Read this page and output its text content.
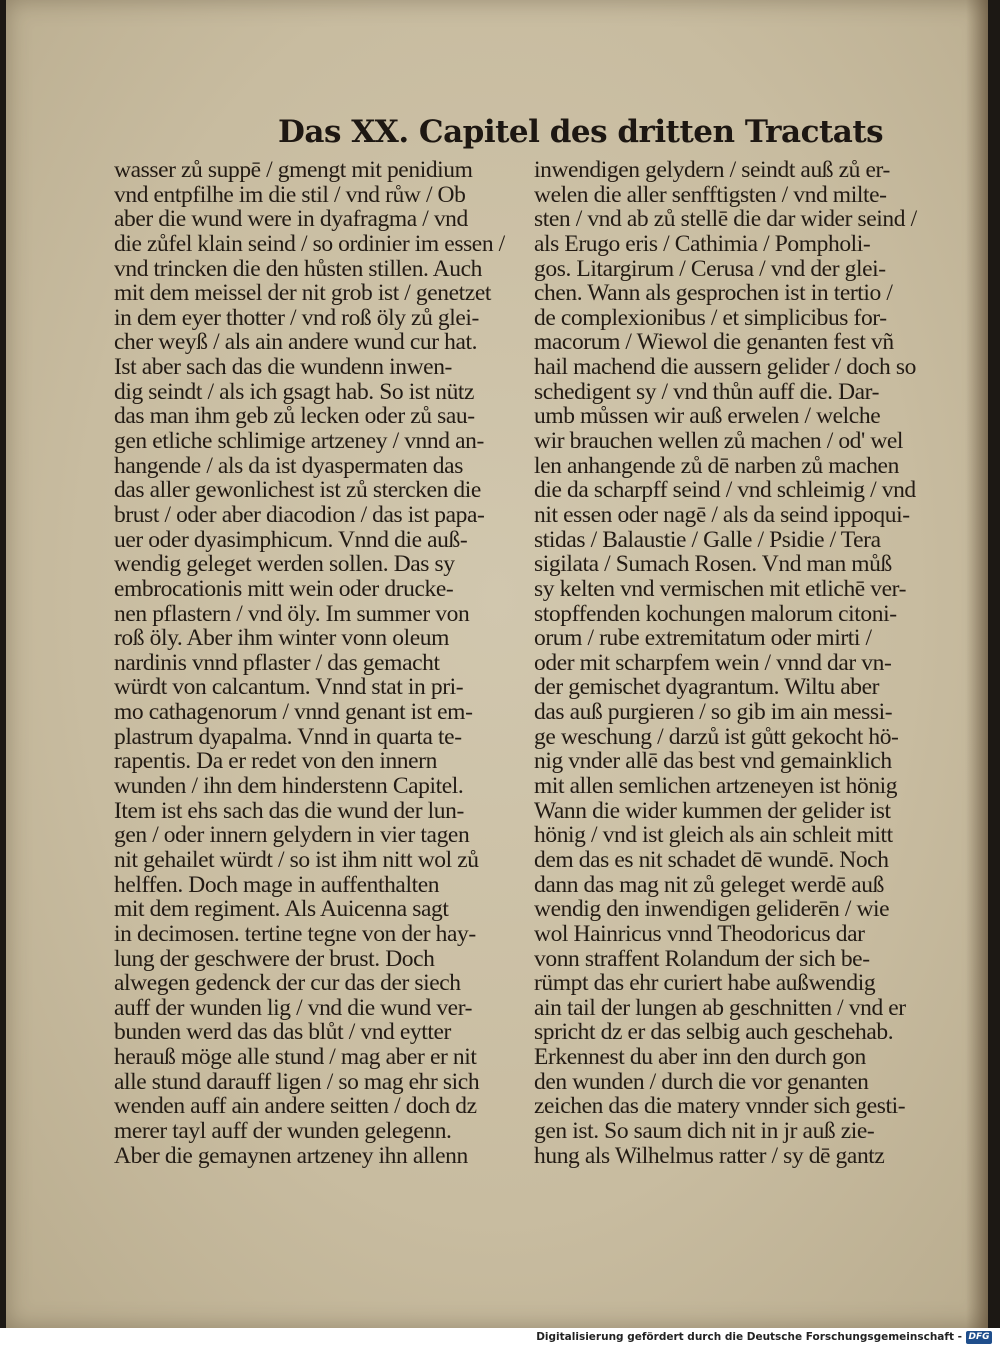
Das XX. Capitel des dritten Tractats
wasser zů suppē / gmengt mit penidium
vnd entpfilhe im die stil / vnd růw / Ob
aber die wund were in dyafragma / vnd
die zůfel klain seind / so ordinier im essen /
vnd trincken die den hůsten stillen. Auch
mit dem meissel der nit grob ist / genetzet
in dem eyer thotter / vnd roß öly zů glei-
cher weyß / als ain andere wund cur hat.
Ist aber sach das die wundenn inwen-
dig seindt / als ich gsagt hab. So ist nütz
das man ihm geb zů lecken oder zů sau-
gen etliche schlimige artzeney / vnnd an-
hangende / als da ist dyaspermaten das
das aller gewonlichest ist zů stercken die
brust / oder aber diacodion / das ist papa-
uer oder dyasimphicum. Vnnd die auß-
wendig geleget werden sollen. Das sy
embrocationis mitt wein oder drucke-
nen pflastern / vnd öly. Im summer von
roß öly. Aber ihm winter vonn oleum
nardinis vnnd pflaster / das gemacht
würdt von calcantum. Vnnd stat in pri-
mo cathagenorum / vnnd genant ist em-
plastrum dyapalma. Vnnd in quarta te-
rapentis. Da er redet von den innern
wunden / ihn dem hinderstenn Capitel.
Item ist ehs sach das die wund der lun-
gen / oder innern gelydern in vier tagen
nit gehailet würdt / so ist ihm nitt wol zů
helffen. Doch mage in auffenthalten
mit dem regiment. Als Auicenna sagt
in decimosen. tertine tegne von der hay-
lung der geschwere der brust. Doch
alwegen gedenck der cur das der siech
auff der wunden lig / vnd die wund ver-
bunden werd das das blůt / vnd eytter
herauß möge alle stund / mag aber er nit
alle stund darauff ligen / so mag ehr sich
wenden auff ain andere seitten / doch dz
merer tayl auff der wunden gelegenn.
Aber die gemaynen artzeney ihn allenn
inwendigen gelydern / seindt auß zů er-
welen die aller senfftigsten / vnd milte-
sten / vnd ab zů stellē die dar wider seind /
als Erugo eris / Cathimia / Pompholi-
gos. Litargirum / Cerusa / vnd der glei-
chen. Wann als gesprochen ist in tertio /
de complexionibus / et simplicibus for-
macorum / Wiewol die genanten fest vñ
hail machend die aussern gelider / doch so
schedigent sy / vnd thůn auff die. Dar-
umb můssen wir auß erwelen / welche
wir brauchen wellen zů machen / od' wel
len anhangende zů dē narben zů machen
die da scharpff seind / vnd schleimig / vnd
nit essen oder nagē / als da seind ippoqui-
stidas / Balaustie / Galle / Psidie / Tera
sigilata / Sumach Rosen. Vnd man můß
sy kelten vnd vermischen mit etlichē ver-
stopffenden kochungen malorum citoni-
orum / rube extremitatum oder mirti /
oder mit scharpfem wein / vnnd dar vn-
der gemischet dyagrantum. Wiltu aber
das auß purgieren / so gib im ain messi-
ge weschung / darzů ist gůtt gekocht hö-
nig vnder allē das best vnd gemainklich
mit allen semlichen artzeneyen ist hönig
Wann die wider kummen der gelider ist
hönig / vnd ist gleich als ain schleit mitt
dem das es nit schadet dē wundē. Noch
dann das mag nit zů geleget werdē auß
wendig den inwendigen geliderēn / wie
wol Hainricus vnnd Theodoricus dar
vonn straffent Rolandum der sich be-
rümpt das ehr curiert habe außwendig
ain tail der lungen ab geschnitten / vnd er
spricht dz er das selbig auch geschehab.
Erkennest du aber inn den durch gon
den wunden / durch die vor genanten
zeichen das die matery vnnder sich gesti-
gen ist. So saum dich nit in jr auß zie-
hung als Wilhelmus ratter / sy dē gantz
Digitalisierung gefördert durch die Deutsche Forschungsgemeinschaft - DFG
